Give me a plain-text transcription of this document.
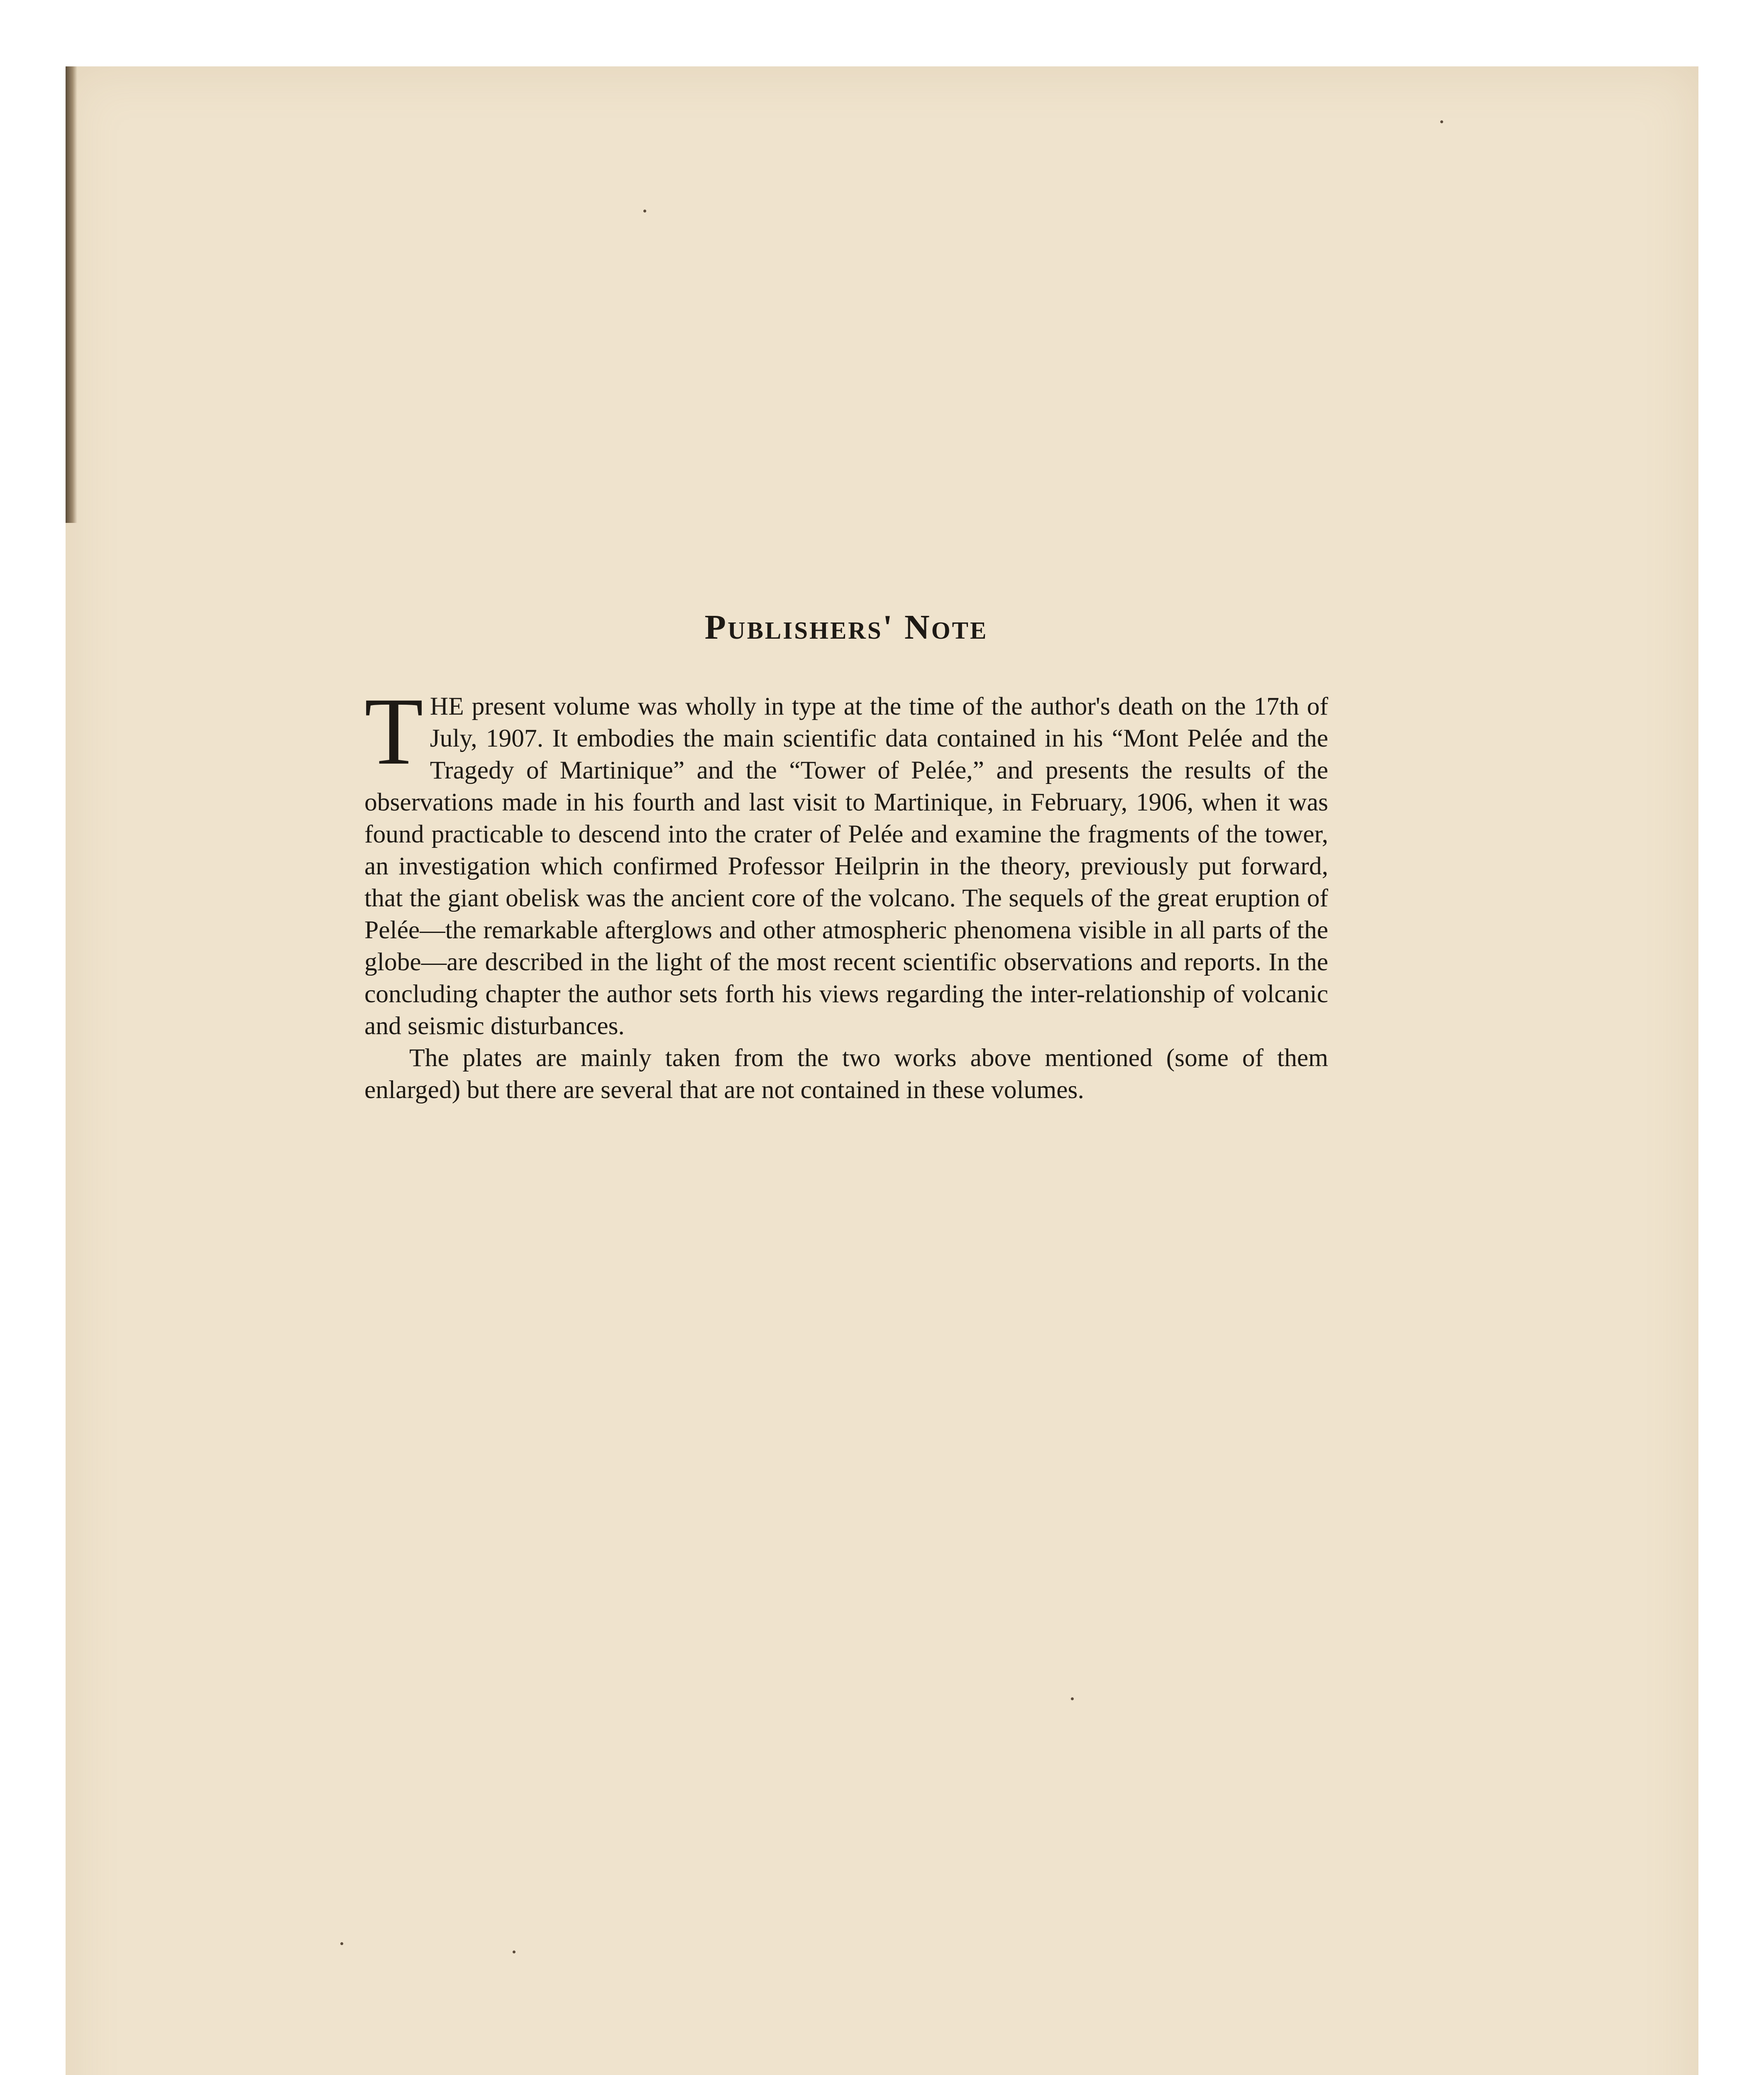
Publishers' Note

THE present volume was wholly in type at the time of the author's death on the 17th of July, 1907. It embodies the main scientific data contained in his “Mont Pelée and the Tragedy of Martinique” and the “Tower of Pelée,” and presents the results of the observations made in his fourth and last visit to Martinique, in February, 1906, when it was found practicable to descend into the crater of Pelée and examine the fragments of the tower, an investigation which confirmed Professor Heilprin in the theory, previously put forward, that the giant obelisk was the ancient core of the volcano. The sequels of the great eruption of Pelée—the remarkable afterglows and other atmospheric phenomena visible in all parts of the globe—are described in the light of the most recent scientific observations and reports. In the concluding chapter the author sets forth his views regarding the inter-relationship of volcanic and seismic disturbances.

The plates are mainly taken from the two works above mentioned (some of them enlarged) but there are several that are not contained in these volumes.
